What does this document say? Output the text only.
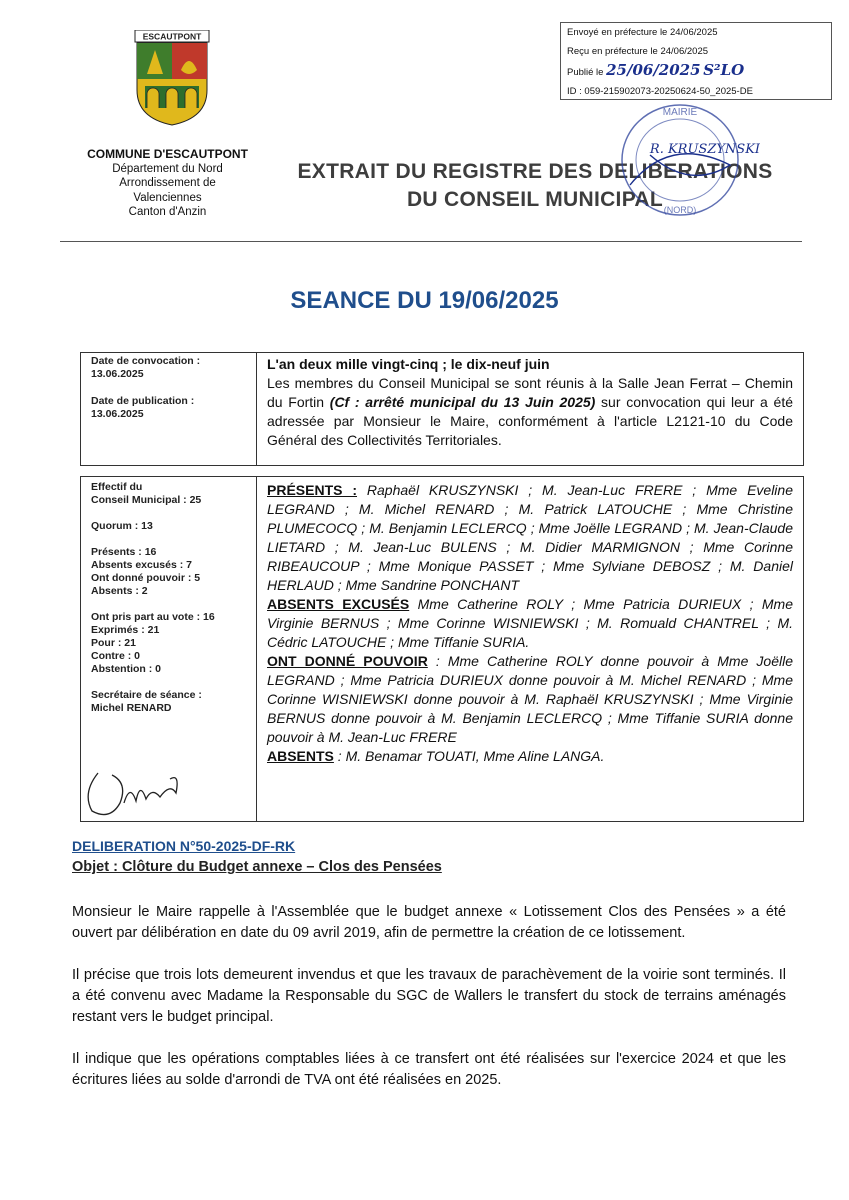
ESCAUTPONT
COMMUNE D'ESCAUTPONT
Département du Nord
Arrondissement de
Valenciennes
Canton d'Anzin
EXTRAIT DU REGISTRE DES DELIBERATIONS
DU CONSEIL MUNICIPAL
Envoyé en préfecture le 24/06/2025
Reçu en préfecture le 24/06/2025
Publié le 25/06/2025 S²LO
ID : 059-215902073-20250624-50_2025-DE
MAIRIE
(NORD)
R. KRUSZYNSKI
SEANCE DU 19/06/2025
Date de convocation :
13.06.2025
Date de publication :
13.06.2025
L'an deux mille vingt-cinq ; le dix-neuf juin
Les membres du Conseil Municipal se sont réunis à la Salle Jean Ferrat – Chemin du Fortin (Cf : arrêté municipal du 13 Juin 2025) sur convocation qui leur a été adressée par Monsieur le Maire, conformément à l'article L2121-10 du Code Général des Collectivités Territoriales.
Effectif du
Conseil Municipal : 25
Quorum : 13
Présents : 16
Absents excusés : 7
Ont donné pouvoir : 5
Absents : 2
Ont pris part au vote : 16
Exprimés : 21
Pour : 21
Contre : 0
Abstention : 0
Secrétaire de séance :
Michel RENARD
PRÉSENTS : Raphaël KRUSZYNSKI ; M. Jean-Luc FRERE ; Mme Eveline LEGRAND ; M. Michel RENARD ; M. Patrick LATOUCHE ; Mme Christine PLUMECOCQ ; M. Benjamin LECLERCQ ; Mme Joëlle LEGRAND ; M. Jean-Claude LIETARD ; M. Jean-Luc BULENS ; M. Didier MARMIGNON ; Mme Corinne RIBEAUCOUP ; Mme Monique PASSET ; Mme Sylviane DEBOSZ ; M. Daniel HERLAUD ; Mme Sandrine PONCHANT
ABSENTS EXCUSÉS Mme Catherine ROLY ; Mme Patricia DURIEUX ; Mme Virginie BERNUS ; Mme Corinne WISNIEWSKI ; M. Romuald CHANTREL ; M. Cédric LATOUCHE ; Mme Tiffanie SURIA.
ONT DONNÉ POUVOIR : Mme Catherine ROLY donne pouvoir à Mme Joëlle LEGRAND ; Mme Patricia DURIEUX donne pouvoir à M. Michel RENARD ; Mme Corinne WISNIEWSKI donne pouvoir à M. Raphaël KRUSZYNSKI ; Mme Virginie BERNUS donne pouvoir à M. Benjamin LECLERCQ ; Mme Tiffanie SURIA donne pouvoir à M. Jean-Luc FRERE
ABSENTS : M. Benamar TOUATI, Mme Aline LANGA.
DELIBERATION N°50-2025-DF-RK
Objet : Clôture du Budget annexe – Clos des Pensées
Monsieur le Maire rappelle à l'Assemblée que le budget annexe « Lotissement Clos des Pensées » a été ouvert par délibération en date du 09 avril 2019, afin de permettre la création de ce lotissement.
Il précise que trois lots demeurent invendus et que les travaux de parachèvement de la voirie sont terminés. Il a été convenu avec Madame la Responsable du SGC de Wallers le transfert du stock de terrains aménagés restant vers le budget principal.
Il indique que les opérations comptables liées à ce transfert ont été réalisées sur l'exercice 2024 et que les écritures liées au solde d'arrondi de TVA ont été réalisées en 2025.
